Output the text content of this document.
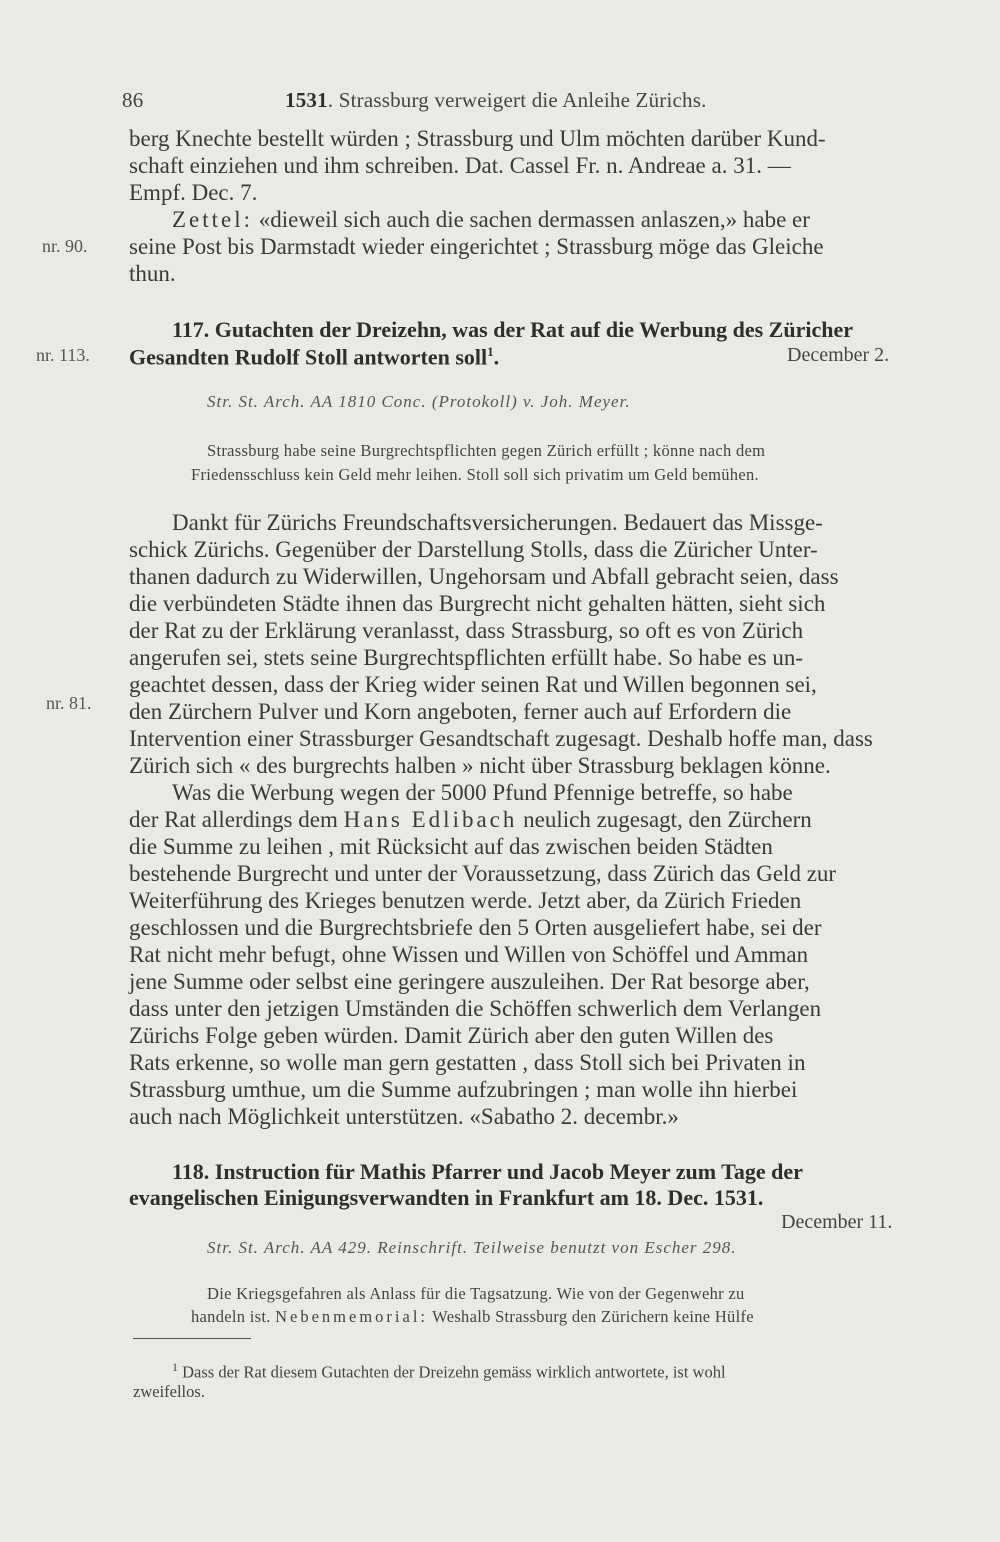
86	1531. Strassburg verweigert die Anleihe Zürichs.
nr. 90.
nr. 113.
nr. 81.
berg Knechte bestellt würden ; Strassburg und Ulm möchten darüber Kund-
schaft einziehen und ihm schreiben. Dat. Cassel Fr. n. Andreae a. 31. —
Empf. Dec. 7.
Zettel: «dieweil sich auch die sachen dermassen anlaszen,» habe er
seine Post bis Darmstadt wieder eingerichtet ; Strassburg möge das Gleiche
thun.
117. Gutachten der Dreizehn, was der Rat auf die Werbung des Züricher
Gesandten Rudolf Stoll antworten soll$^1$.	December 2.
Str. St. Arch. AA 1810 Conc. (Protokoll) v. Joh. Meyer.
Strassburg habe seine Burgrechtspflichten gegen Zürich erfüllt ; könne nach dem
Friedensschluss kein Geld mehr leihen. Stoll soll sich privatim um Geld bemühen.
Dankt für Zürichs Freundschaftsversicherungen. Bedauert das Missge-
schick Zürichs. Gegenüber der Darstellung Stolls, dass die Züricher Unter-
thanen dadurch zu Widerwillen, Ungehorsam und Abfall gebracht seien, dass
die verbündeten Städte ihnen das Burgrecht nicht gehalten hätten, sieht sich
der Rat zu der Erklärung veranlasst, dass Strassburg, so oft es von Zürich
angerufen sei, stets seine Burgrechtspflichten erfüllt habe. So habe es un-
geachtet dessen, dass der Krieg wider seinen Rat und Willen begonnen sei,
den Zürchern Pulver und Korn angeboten, ferner auch auf Erfordern die
Intervention einer Strassburger Gesandtschaft zugesagt. Deshalb hoffe man, dass
Zürich sich « des burgrechts halben » nicht über Strassburg beklagen könne.
Was die Werbung wegen der 5000 Pfund Pfennige betreffe, so habe
der Rat allerdings dem Hans Edlibach neulich zugesagt, den Zürchern
die Summe zu leihen , mit Rücksicht auf das zwischen beiden Städten
bestehende Burgrecht und unter der Voraussetzung, dass Zürich das Geld zur
Weiterführung des Krieges benutzen werde. Jetzt aber, da Zürich Frieden
geschlossen und die Burgrechtsbriefe den 5 Orten ausgeliefert habe, sei der
Rat nicht mehr befugt, ohne Wissen und Willen von Schöffel und Amman
jene Summe oder selbst eine geringere auszuleihen. Der Rat besorge aber,
dass unter den jetzigen Umständen die Schöffen schwerlich dem Verlangen
Zürichs Folge geben würden. Damit Zürich aber den guten Willen des
Rats erkenne, so wolle man gern gestatten , dass Stoll sich bei Privaten in
Strassburg umthue, um die Summe aufzubringen ; man wolle ihn hierbei
auch nach Möglichkeit unterstützen. «Sabatho 2. decembr.»
118. Instruction für Mathis Pfarrer und Jacob Meyer zum Tage der
evangelischen Einigungsverwandten in Frankfurt am 18. Dec. 1531.
December 11.
Str. St. Arch. AA 429. Reinschrift. Teilweise benutzt von Escher 298.
Die Kriegsgefahren als Anlass für die Tagsatzung. Wie von der Gegenwehr zu
handeln ist. Nebenmemorial: Weshalb Strassburg den Zürichern keine Hülfe
$^1$ Dass der Rat diesem Gutachten der Dreizehn gemäss wirklich antwortete, ist wohl
zweifellos.
